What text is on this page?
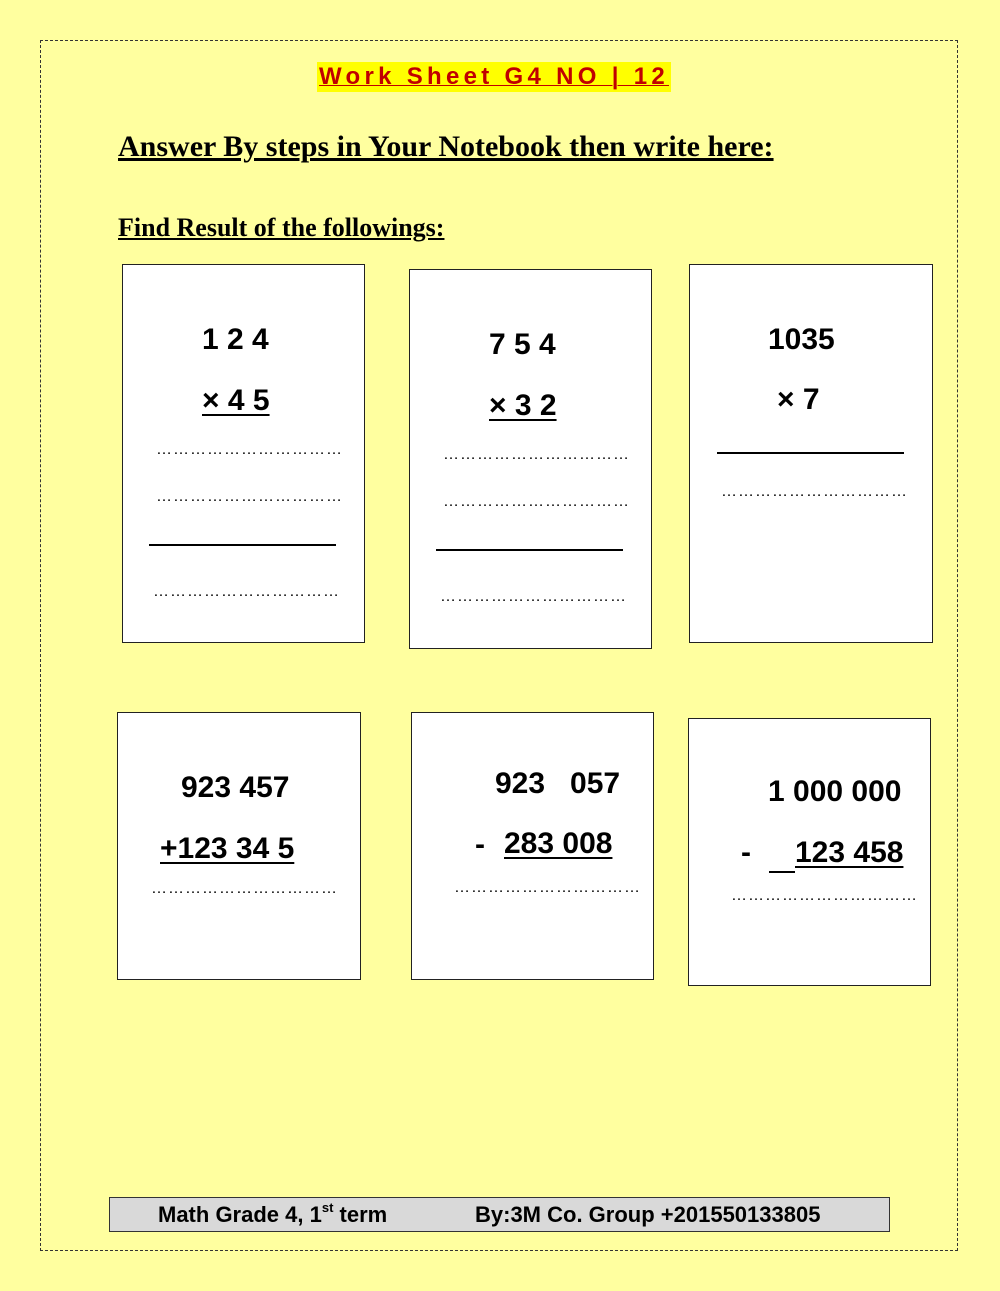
Work Sheet G4 NO | 12
Answer By steps in Your Notebook then write here:
Find Result of the followings:
1 2 4
× 4 5
……………………………
……………………………
……………………………
7 5 4
× 3 2
……………………………
……………………………
……………………………
1035
× 7
……………………………
923 457
+123 34 5
……………………………
923   057
- 283 008
……………………………
1 000 000
- 123 458
……………………………
Math Grade 4, 1st term	By:3M Co. Group +201550133805
